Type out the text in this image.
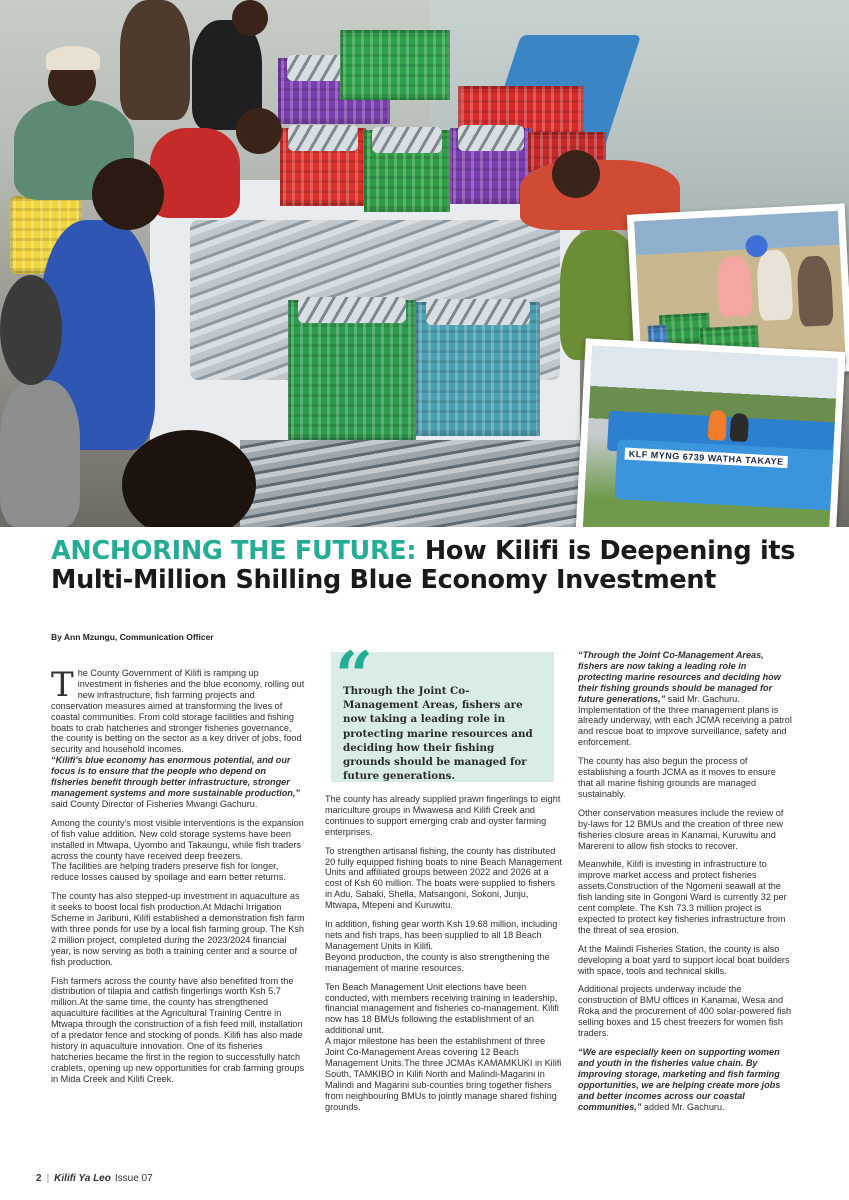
KLF MYNG 6739 WATHA TAKAYE
ANCHORING THE FUTURE: How Kilifi is Deepening its Multi-Million Shilling Blue Economy Investment
By Ann Mzungu, Communication Officer

The County Government of Kilifi is ramping up investment in fisheries and the blue economy, rolling out new infrastructure, fish farming projects and conservation measures aimed at transforming the lives of coastal communities. From cold storage facilities and fishing boats to crab hatcheries and stronger fisheries governance, the county is betting on the sector as a key driver of jobs, food security and household incomes.

“Kilifi's blue economy has enormous potential, and our focus is to ensure that the people who depend on fisheries benefit through better infrastructure, stronger management systems and more sustainable production,” said County Director of Fisheries Mwangi Gachuru.

Among the county's most visible interventions is the expansion of fish value addition. New cold storage systems have been installed in Mtwapa, Uyombo and Takaungu, while fish traders across the county have received deep freezers.

The facilities are helping traders preserve fish for longer, reduce losses caused by spoilage and earn better returns.

The county has also stepped-up investment in aquaculture as it seeks to boost local fish production.At Mdachi Irrigation Scheme in Jaribuni, Kilifi established a demonstration fish farm with three ponds for use by a local fish farming group. The Ksh 2 million project, completed during the 2023/2024 financial year, is now serving as both a training center and a source of fish production.

Fish farmers across the county have also benefited from the distribution of tilapia and catfish fingerlings worth Ksh 5.7 million.At the same time, the county has strengthened aquaculture facilities at the Agricultural Training Centre in Mtwapa through the construction of a fish feed mill, installation of a predator fence and stocking of ponds. Kilifi has also made history in aquaculture innovation. One of its fisheries hatcheries became the first in the region to successfully hatch crablets, opening up new opportunities for crab farming groups in Mida Creek and Kilifi Creek.

“
Through the Joint Co-Management Areas, fishers are now taking a leading role in protecting marine resources and deciding how their fishing grounds should be managed for future generations.

The county has already supplied prawn fingerlings to eight mariculture groups in Mwawesa and Kilifi Creek and continues to support emerging crab and oyster farming enterprises.

To strengthen artisanal fishing, the county has distributed 20 fully equipped fishing boats to nine Beach Management Units and affiliated groups between 2022 and 2026 at a cost of Ksh 60 million. The boats were supplied to fishers in Adu, Sabaki, Shella, Matsangoni, Sokoni, Junju, Mtwapa, Mtepeni and Kuruwitu.

In addition, fishing gear worth Ksh 19.68 million, including nets and fish traps, has been supplied to all 18 Beach Management Units in Kilifi.

Beyond production, the county is also strengthening the management of marine resources.

Ten Beach Management Unit elections have been conducted, with members receiving training in leadership, financial management and fisheries co-management. Kilifi now has 18 BMUs following the establishment of an additional unit.

A major milestone has been the establishment of three Joint Co-Management Areas covering 12 Beach Management Units.The three JCMAs KAMAMKUKI in Kilifi South, TAMKIBO in Kilifi North and Malindi-Magarini in Malindi and Magarini sub-counties bring together fishers from neighbouring BMUs to jointly manage shared fishing grounds.

“Through the Joint Co-Management Areas, fishers are now taking a leading role in protecting marine resources and deciding how their fishing grounds should be managed for future generations,” said Mr. Gachuru.

Implementation of the three management plans is already underway, with each JCMA receiving a patrol and rescue boat to improve surveillance, safety and enforcement.

The county has also begun the process of establishing a fourth JCMA as it moves to ensure that all marine fishing grounds are managed sustainably.

Other conservation measures include the review of by-laws for 12 BMUs and the creation of three new fisheries closure areas in Kanamai, Kuruwitu and Marereni to allow fish stocks to recover.

Meanwhile, Kilifi is investing in infrastructure to improve market access and protect fisheries assets.Construction of the Ngomeni seawall at the fish landing site in Gongoni Ward is currently 32 per cent complete. The Ksh 73.3 million project is expected to protect key fisheries infrastructure from the threat of sea erosion.

At the Malindi Fisheries Station, the county is also developing a boat yard to support local boat builders with space, tools and technical skills.

Additional projects underway include the construction of BMU offices in Kanamai, Wesa and Roka and the procurement of 400 solar-powered fish selling boxes and 15 chest freezers for women fish traders.

“We are especially keen on supporting women and youth in the fisheries value chain. By improving storage, marketing and fish farming opportunities, we are helping create more jobs and better incomes across our coastal communities,” added Mr. Gachuru.

2 | Kilifi Ya Leo Issue 07
